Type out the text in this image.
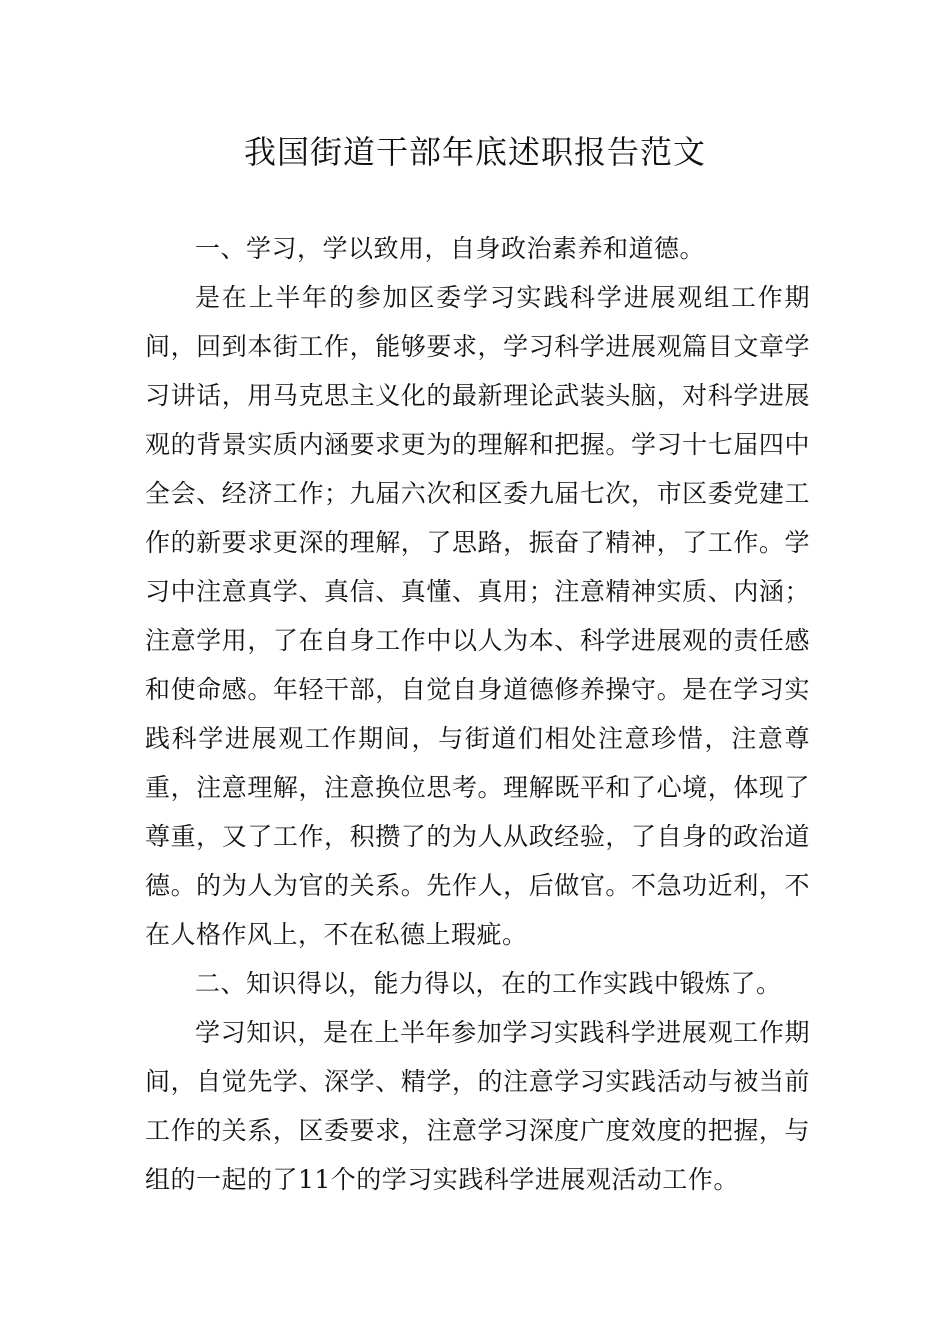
我国街道干部年底述职报告范文

一、学习，学以致用，自身政治素养和道德。

是在上半年的参加区委学习实践科学进展观组工作期间，回到本街工作，能够要求，学习科学进展观篇目文章学习讲话，用马克思主义化的最新理论武装头脑，对科学进展观的背景实质内涵要求更为的理解和把握。学习十七届四中全会、经济工作；九届六次和区委九届七次，市区委党建工作的新要求更深的理解，了思路，振奋了精神，了工作。学习中注意真学、真信、真懂、真用；注意精神实质、内涵；注意学用，了在自身工作中以人为本、科学进展观的责任感和使命感。年轻干部，自觉自身道德修养操守。是在学习实践科学进展观工作期间，与街道们相处注意珍惜，注意尊重，注意理解，注意换位思考。理解既平和了心境，体现了尊重，又了工作，积攒了的为人从政经验，了自身的政治道德。的为人为官的关系。先作人，后做官。不急功近利，不在人格作风上，不在私德上瑕疵。

二、知识得以，能力得以，在的工作实践中锻炼了。

学习知识，是在上半年参加学习实践科学进展观工作期间，自觉先学、深学、精学，的注意学习实践活动与被当前工作的关系，区委要求，注意学习深度广度效度的把握，与组的一起的了11个的学习实践科学进展观活动工作。
